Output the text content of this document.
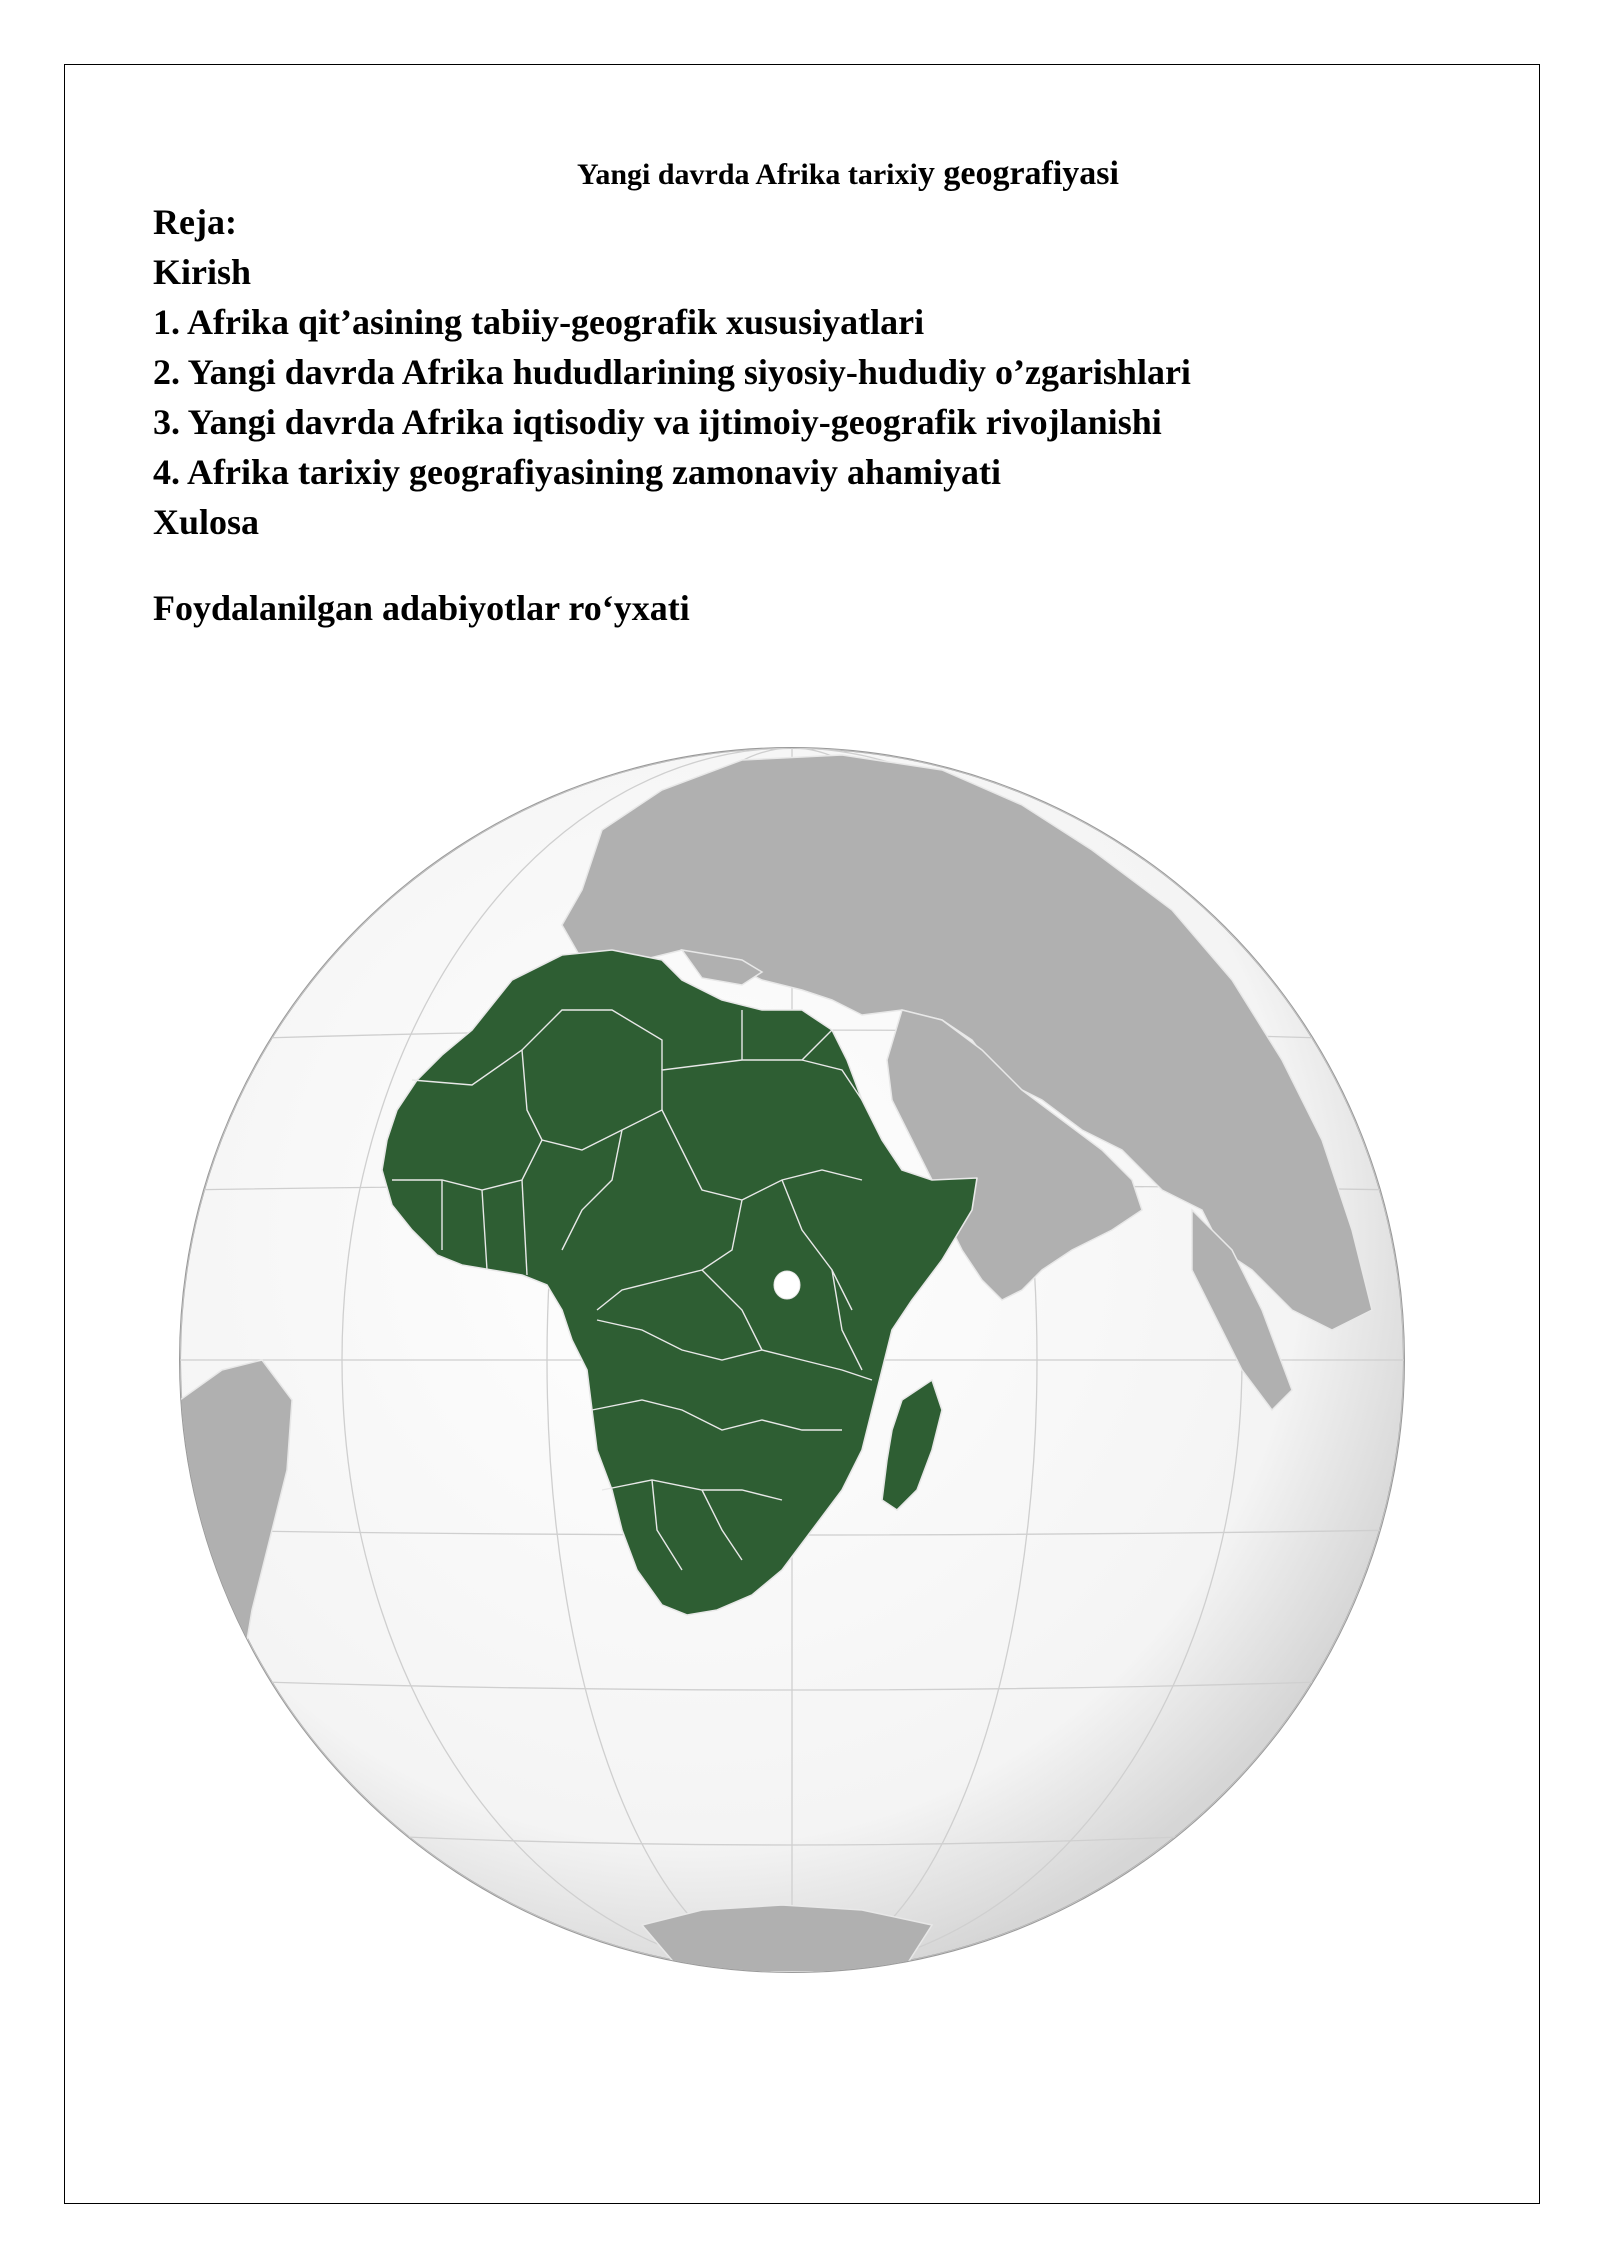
Yangi davrda Afrika tarixiy geografiyasi
Reja:
Kirish
1. Afrika qit’asining tabiiy-geografik xususiyatlari
2. Yangi davrda Afrika hududlarining siyosiy-hududiy o’zgarishlari
3. Yangi davrda Afrika iqtisodiy va ijtimoiy-geografik rivojlanishi
4. Afrika tarixiy geografiyasining zamonaviy ahamiyati
Xulosa
Foydalanilgan adabiyotlar ro‘yxati
